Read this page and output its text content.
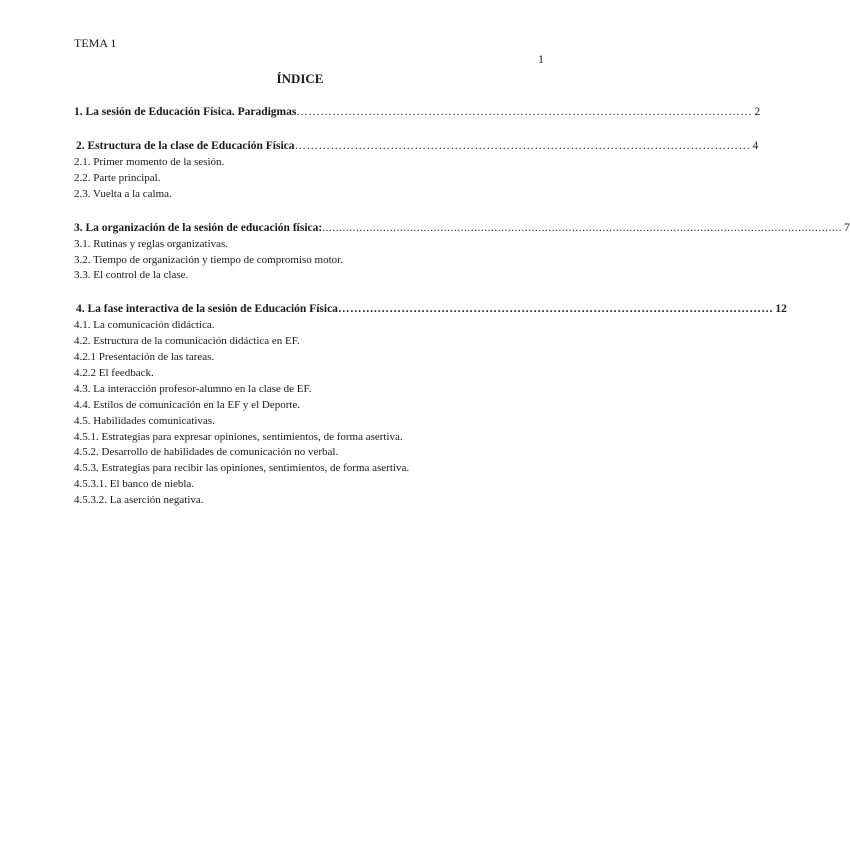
TEMA 1
1
ÍNDICE
1. La sesión de Educación Física. Paradigmas …………………………………………………………………………………………………… 2
2. Estructura de la clase de Educación Física …………………………………………………………………………………………………… 4
2.1. Primer momento de la sesión.
2.2. Parte principal.
2.3. Vuelta a la calma.
3. La organización de la sesión de educación física: .......................................................................................................................................................... 7
3.1. Rutinas y reglas organizativas.
3.2. Tiempo de organización y tiempo de compromiso motor.
3.3. El control de la clase.
4. La fase interactiva de la sesión de Educación Física ……….……………………………………………………………………………………… 12
4.1. La comunicación didáctica.
4.2. Estructura de la comunicación didáctica en EF.
4.2.1 Presentación de las tareas.
4.2.2 El feedback.
4.3. La interacción profesor-alumno en la clase de EF.
4.4. Estilos de comunicación en la EF y el Deporte.
4.5. Habilidades comunicativas.
4.5.1. Estrategias para expresar opiniones, sentimientos, de forma asertiva.
4.5.2. Desarrollo de habilidades de comunicación no verbal.
4.5.3. Estrategias para recibir las opiniones, sentimientos, de forma asertiva.
4.5.3.1. El banco de niebla.
4.5.3.2. La aserción negativa.
